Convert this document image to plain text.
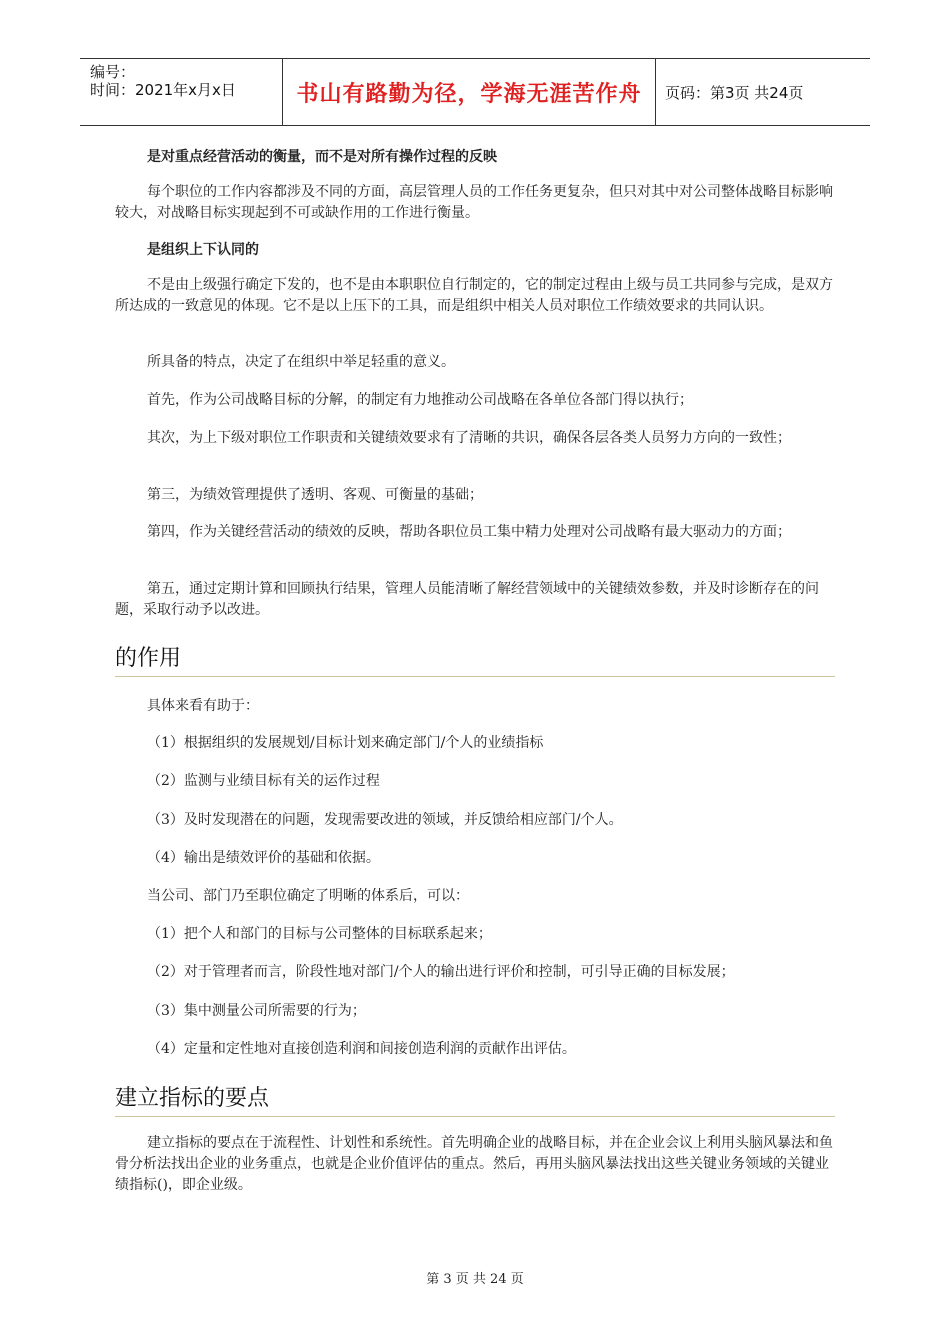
编号：
时间：2021年x月x日	书山有路勤为径，学海无涯苦作舟	页码：第3页 共24页
是对重点经营活动的衡量，而不是对所有操作过程的反映

每个职位的工作内容都涉及不同的方面，高层管理人员的工作任务更复杂，但只对其中对公司整体战略目标影响较大，对战略目标实现起到不可或缺作用的工作进行衡量。

是组织上下认同的

不是由上级强行确定下发的，也不是由本职职位自行制定的，它的制定过程由上级与员工共同参与完成，是双方所达成的一致意见的体现。它不是以上压下的工具，而是组织中相关人员对职位工作绩效要求的共同认识。

所具备的特点，决定了在组织中举足轻重的意义。

首先，作为公司战略目标的分解，的制定有力地推动公司战略在各单位各部门得以执行；

其次，为上下级对职位工作职责和关键绩效要求有了清晰的共识，确保各层各类人员努力方向的一致性；

第三，为绩效管理提供了透明、客观、可衡量的基础；

第四，作为关键经营活动的绩效的反映，帮助各职位员工集中精力处理对公司战略有最大驱动力的方面；

第五，通过定期计算和回顾执行结果，管理人员能清晰了解经营领域中的关键绩效参数，并及时诊断存在的问题，采取行动予以改进。

的作用
具体来看有助于：
（1）根据组织的发展规划/目标计划来确定部门/个人的业绩指标
（2）监测与业绩目标有关的运作过程
（3）及时发现潜在的问题，发现需要改进的领域，并反馈给相应部门/个人。
（4）输出是绩效评价的基础和依据。
当公司、部门乃至职位确定了明晰的体系后，可以：
（1）把个人和部门的目标与公司整体的目标联系起来；
（2）对于管理者而言，阶段性地对部门/个人的输出进行评价和控制，可引导正确的目标发展；
（3）集中测量公司所需要的行为；
（4）定量和定性地对直接创造利润和间接创造利润的贡献作出评估。
建立指标的要点

建立指标的要点在于流程性、计划性和系统性。首先明确企业的战略目标，并在企业会议上利用头脑风暴法和鱼骨分析法找出企业的业务重点，也就是企业价值评估的重点。然后，再用头脑风暴法找出这些关键业务领域的关键业绩指标()，即企业级。

第 3 页 共 24 页
